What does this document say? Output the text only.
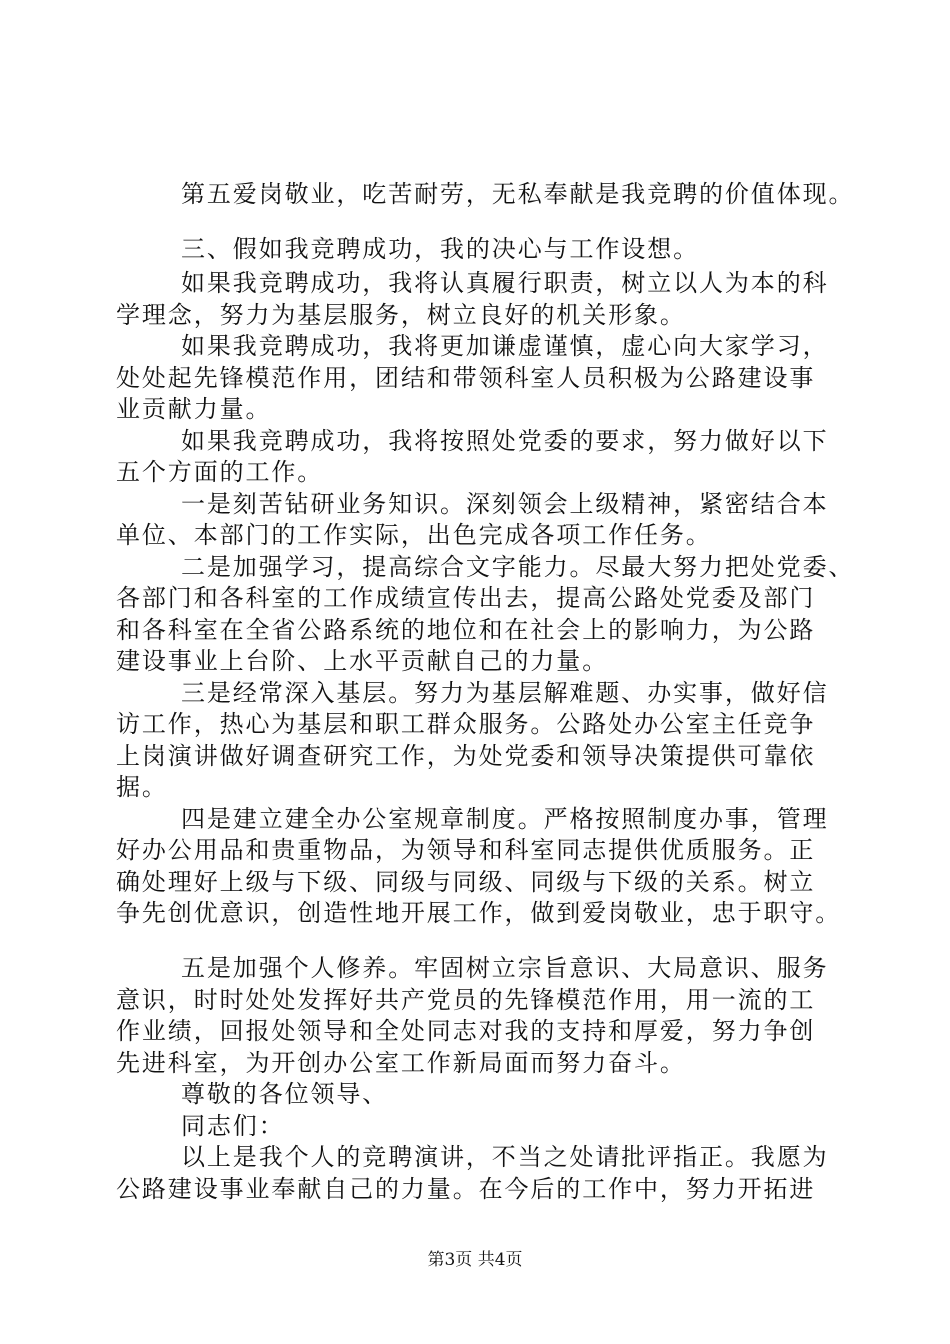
第五爱岗敬业，吃苦耐劳，无私奉献是我竞聘的价值体现。
三、假如我竞聘成功，我的决心与工作设想。
如果我竞聘成功，我将认真履行职责，树立以人为本的科
学理念，努力为基层服务，树立良好的机关形象。
如果我竞聘成功，我将更加谦虚谨慎，虚心向大家学习，
处处起先锋模范作用，团结和带领科室人员积极为公路建设事
业贡献力量。
如果我竞聘成功，我将按照处党委的要求，努力做好以下
五个方面的工作。
一是刻苦钻研业务知识。深刻领会上级精神，紧密结合本
单位、本部门的工作实际，出色完成各项工作任务。
二是加强学习，提高综合文字能力。尽最大努力把处党委、
各部门和各科室的工作成绩宣传出去，提高公路处党委及部门
和各科室在全省公路系统的地位和在社会上的影响力，为公路
建设事业上台阶、上水平贡献自己的力量。
三是经常深入基层。努力为基层解难题、办实事，做好信
访工作，热心为基层和职工群众服务。公路处办公室主任竞争
上岗演讲做好调查研究工作，为处党委和领导决策提供可靠依
据。
四是建立建全办公室规章制度。严格按照制度办事，管理
好办公用品和贵重物品，为领导和科室同志提供优质服务。正
确处理好上级与下级、同级与同级、同级与下级的关系。树立
争先创优意识，创造性地开展工作，做到爱岗敬业，忠于职守。
五是加强个人修养。牢固树立宗旨意识、大局意识、服务
意识，时时处处发挥好共产党员的先锋模范作用，用一流的工
作业绩，回报处领导和全处同志对我的支持和厚爱，努力争创
先进科室，为开创办公室工作新局面而努力奋斗。
尊敬的各位领导、
同志们：
以上是我个人的竞聘演讲，不当之处请批评指正。我愿为
公路建设事业奉献自己的力量。在今后的工作中，努力开拓进
第3页 共4页
